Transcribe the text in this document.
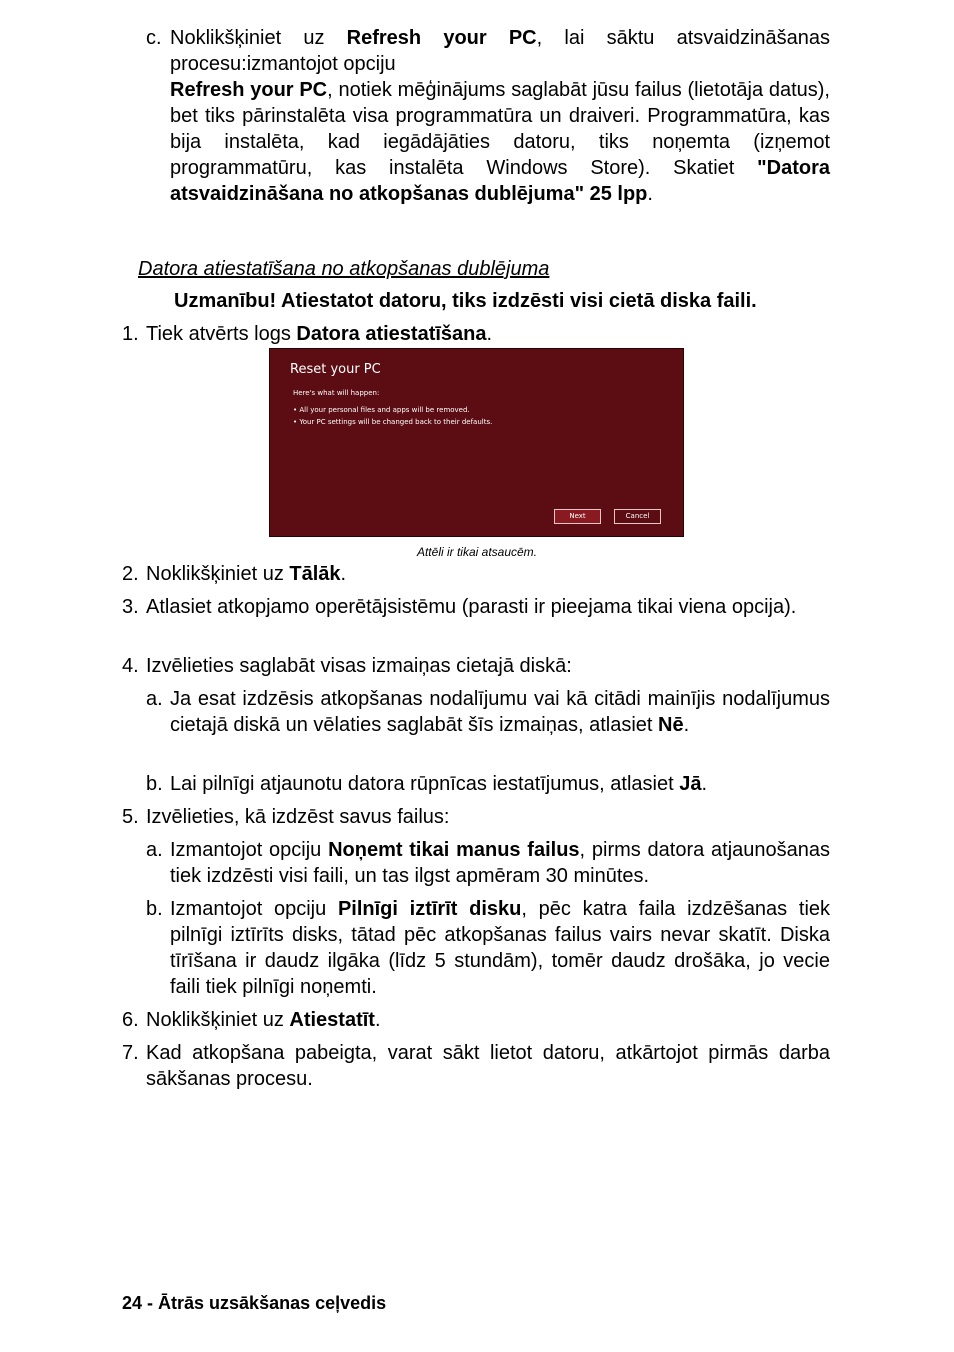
c. Noklikšķiniet uz Refresh your PC, lai sāktu atsvaidzināšanas procesu:izmantojot opciju
Refresh your PC, notiek mēģinājums saglabāt jūsu failus (lietotāja datus), bet tiks pārinstalēta visa programmatūra un draiveri. Programmatūra, kas bija instalēta, kad iegādājāties datoru, tiks noņemta (izņemot programmatūru, kas instalēta Windows Store). Skatiet "Datora atsvaidzināšana no atkopšanas dublējuma" 25 lpp.
Datora atiestatīšana no atkopšanas dublējuma
Uzmanību! Atiestatot datoru, tiks izdzēsti visi cietā diska faili.
1. Tiek atvērts logs Datora atiestatīšana.
Reset your PC
Here's what will happen:
• All your personal files and apps will be removed.
• Your PC settings will be changed back to their defaults.
Next	Cancel
Attēli ir tikai atsaucēm.
2. Noklikšķiniet uz Tālāk.
3. Atlasiet atkopjamo operētājsistēmu (parasti ir pieejama tikai viena opcija).
4. Izvēlieties saglabāt visas izmaiņas cietajā diskā:
a. Ja esat izdzēsis atkopšanas nodalījumu vai kā citādi mainījis nodalījumus cietajā diskā un vēlaties saglabāt šīs izmaiņas, atlasiet Nē.
b. Lai pilnīgi atjaunotu datora rūpnīcas iestatījumus, atlasiet Jā.
5. Izvēlieties, kā izdzēst savus failus:
a. Izmantojot opciju Noņemt tikai manus failus, pirms datora atjaunošanas tiek izdzēsti visi faili, un tas ilgst apmēram 30 minūtes.
b. Izmantojot opciju Pilnīgi iztīrīt disku, pēc katra faila izdzēšanas tiek pilnīgi iztīrīts disks, tātad pēc atkopšanas failus vairs nevar skatīt. Diska tīrīšana ir daudz ilgāka (līdz 5 stundām), tomēr daudz drošāka, jo vecie faili tiek pilnīgi noņemti.
6. Noklikšķiniet uz Atiestatīt.
7. Kad atkopšana pabeigta, varat sākt lietot datoru, atkārtojot pirmās darba sākšanas procesu.
24 - Ātrās uzsākšanas ceļvedis
